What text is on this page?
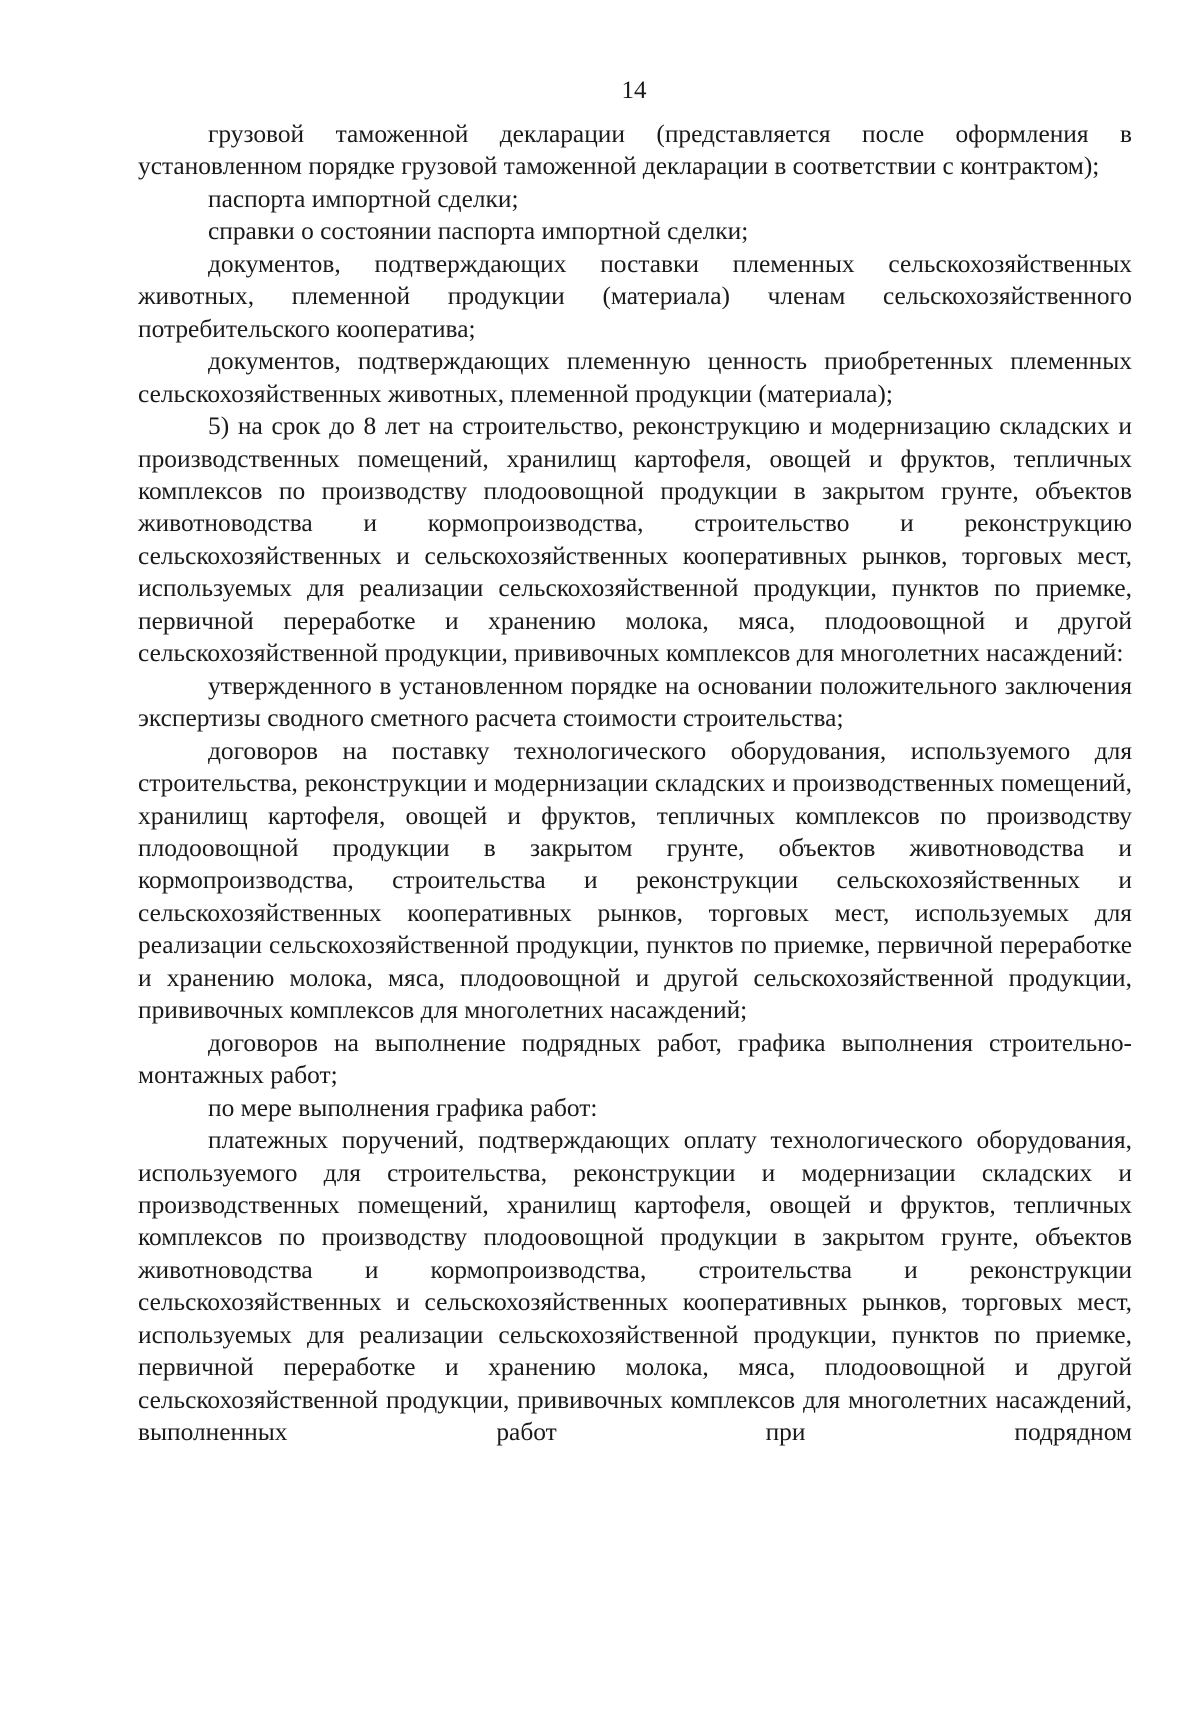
14

грузовой таможенной декларации (представляется после оформления в установленном порядке грузовой таможенной декларации в соответствии с контрактом);

паспорта импортной сделки;

справки о состоянии паспорта импортной сделки;

документов, подтверждающих поставки племенных сельскохозяйственных животных, племенной продукции (материала) членам сельскохозяйственного потребительского кооператива;

документов, подтверждающих племенную ценность приобретенных племенных сельскохозяйственных животных, племенной продукции (материала);

5) на срок до 8 лет на строительство, реконструкцию и модернизацию складских и производственных помещений, хранилищ картофеля, овощей и фруктов, тепличных комплексов по производству плодоовощной продукции в закрытом грунте, объектов животноводства и кормопроизводства, строительство и реконструкцию сельскохозяйственных и сельскохозяйственных кооперативных рынков, торговых мест, используемых для реализации сельскохозяйственной продукции, пунктов по приемке, первичной переработке и хранению молока, мяса, плодоовощной и другой сельскохозяйственной продукции, прививочных комплексов для многолетних насаждений:

утвержденного в установленном порядке на основании положительного заключения экспертизы сводного сметного расчета стоимости строительства;

договоров на поставку технологического оборудования, используемого для строительства, реконструкции и модернизации складских и производственных помещений, хранилищ картофеля, овощей и фруктов, тепличных комплексов по производству плодоовощной продукции в закрытом грунте, объектов животноводства и кормопроизводства, строительства и реконструкции сельскохозяйственных и сельскохозяйственных кооперативных рынков, торговых мест, используемых для реализации сельскохозяйственной продукции, пунктов по приемке, первичной переработке и хранению молока, мяса, плодоовощной и другой сельскохозяйственной продукции, прививочных комплексов для многолетних насаждений;

договоров на выполнение подрядных работ, графика выполнения строительно-монтажных работ;

по мере выполнения графика работ:

платежных поручений, подтверждающих оплату технологического оборудования, используемого для строительства, реконструкции и модернизации складских и производственных помещений, хранилищ картофеля, овощей и фруктов, тепличных комплексов по производству плодоовощной продукции в закрытом грунте, объектов животноводства и кормопроизводства, строительства и реконструкции сельскохозяйственных и сельскохозяйственных кооперативных рынков, торговых мест, используемых для реализации сельскохозяйственной продукции, пунктов по приемке, первичной переработке и хранению молока, мяса, плодоовощной и другой сельскохозяйственной продукции, прививочных комплексов для многолетних насаждений, выполненных работ при подрядном
